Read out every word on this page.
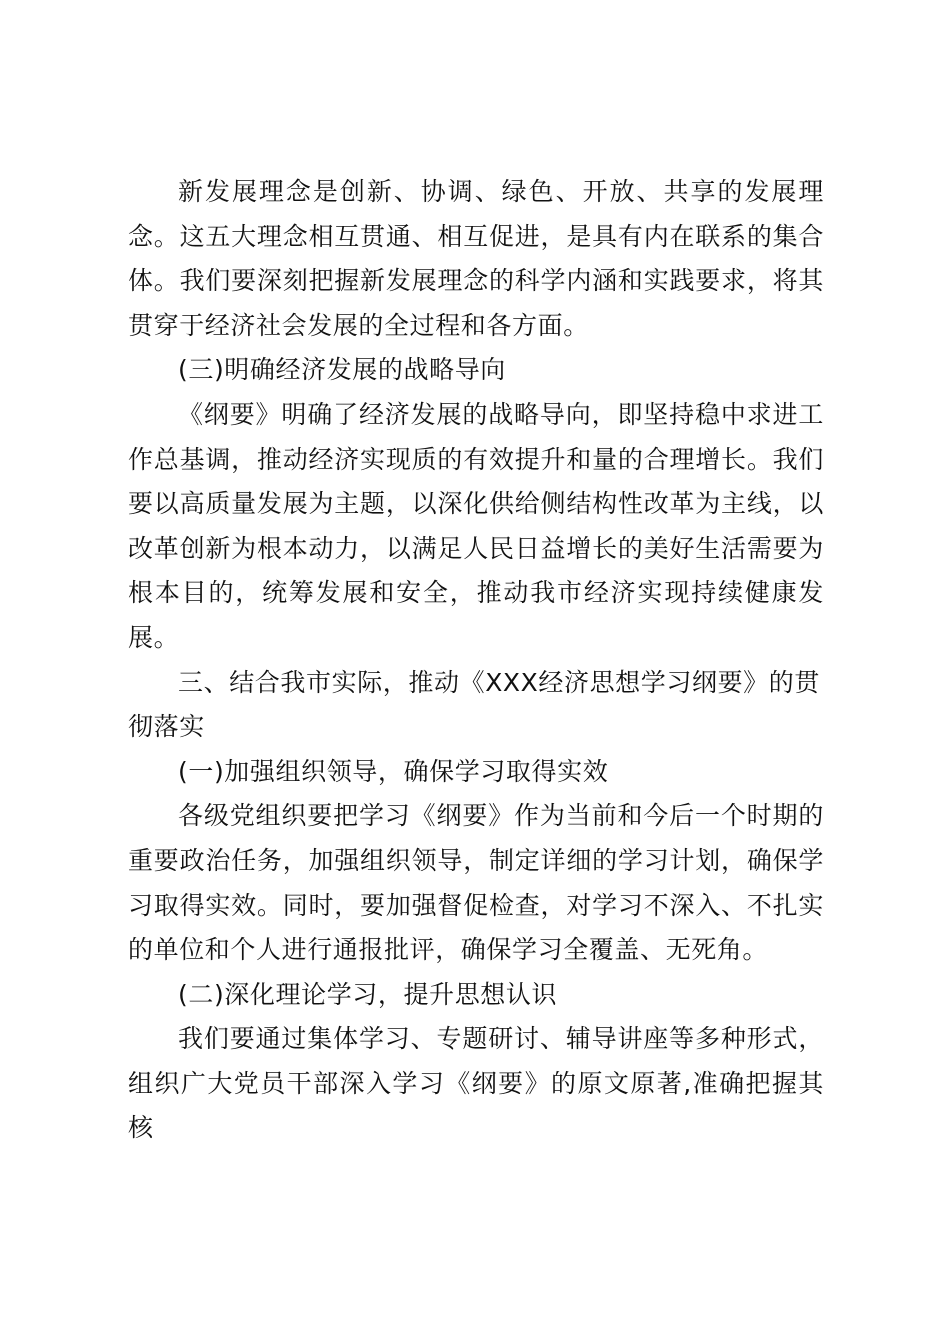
新发展理念是创新、协调、绿色、开放、共享的发展理念。这五大理念相互贯通、相互促进，是具有内在联系的集合体。我们要深刻把握新发展理念的科学内涵和实践要求，将其贯穿于经济社会发展的全过程和各方面。

(三)明确经济发展的战略导向

《纲要》明确了经济发展的战略导向，即坚持稳中求进工作总基调，推动经济实现质的有效提升和量的合理增长。我们要以高质量发展为主题，以深化供给侧结构性改革为主线，以改革创新为根本动力，以满足人民日益增长的美好生活需要为根本目的，统筹发展和安全，推动我市经济实现持续健康发展。

三、结合我市实际，推动《XXX经济思想学习纲要》的贯彻落实

(一)加强组织领导，确保学习取得实效

各级党组织要把学习《纲要》作为当前和今后一个时期的重要政治任务，加强组织领导，制定详细的学习计划，确保学习取得实效。同时，要加强督促检查，对学习不深入、不扎实的单位和个人进行通报批评，确保学习全覆盖、无死角。

(二)深化理论学习，提升思想认识

我们要通过集体学习、专题研讨、辅导讲座等多种形式，组织广大党员干部深入学习《纲要》的原文原著,准确把握其核
